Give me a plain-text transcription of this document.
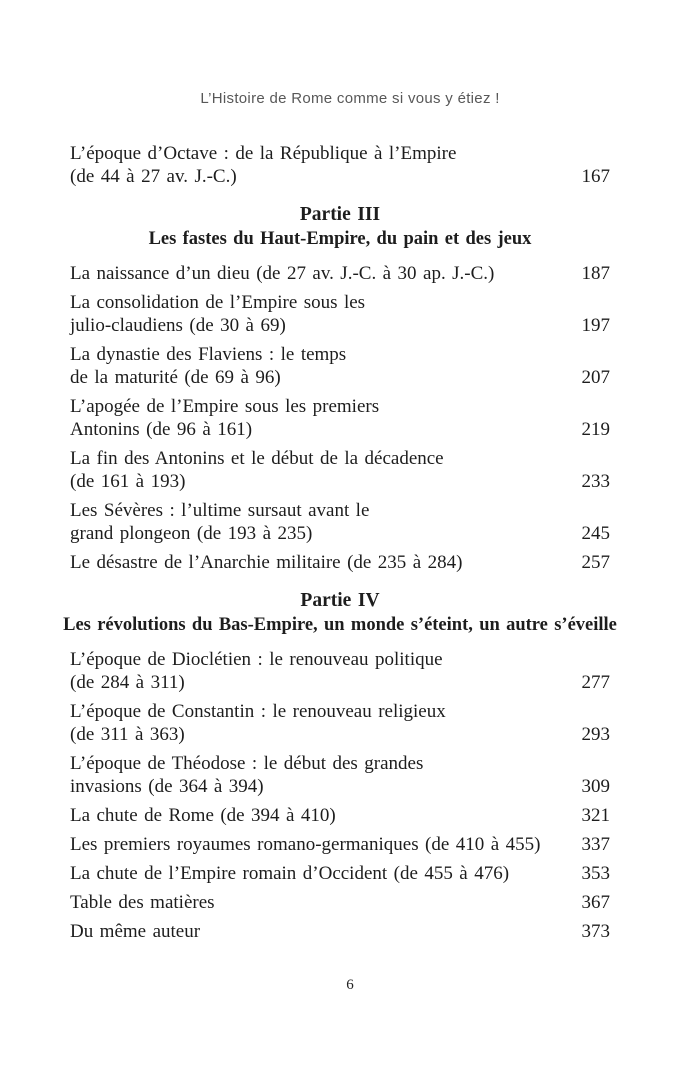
L’Histoire de Rome comme si vous y étiez !
L’époque d’Octave : de la République à l’Empire
(de 44 à 27 av. J.-C.)	167
Partie III
Les fastes du Haut-Empire, du pain et des jeux
La naissance d’un dieu (de 27 av. J.-C. à 30 ap. J.-C.)	187
La consolidation de l’Empire sous les
julio-claudiens (de 30 à 69)	197
La dynastie des Flaviens : le temps
de la maturité (de 69 à 96)	207
L’apogée de l’Empire sous les premiers
Antonins (de 96 à 161)	219
La fin des Antonins et le début de la décadence
(de 161 à 193)	233
Les Sévères : l’ultime sursaut avant le
grand plongeon (de 193 à 235)	245
Le désastre de l’Anarchie militaire (de 235 à 284)	257
Partie IV
Les révolutions du Bas-Empire, un monde s’éteint, un autre s’éveille
L’époque de Dioclétien : le renouveau politique
(de 284 à 311)	277
L’époque de Constantin : le renouveau religieux
(de 311 à 363)	293
L’époque de Théodose : le début des grandes
invasions (de 364 à 394)	309
La chute de Rome (de 394 à 410)	321
Les premiers royaumes romano-germaniques (de 410 à 455)	337
La chute de l’Empire romain d’Occident (de 455 à 476)	353
Table des matières	367
Du même auteur	373
6
